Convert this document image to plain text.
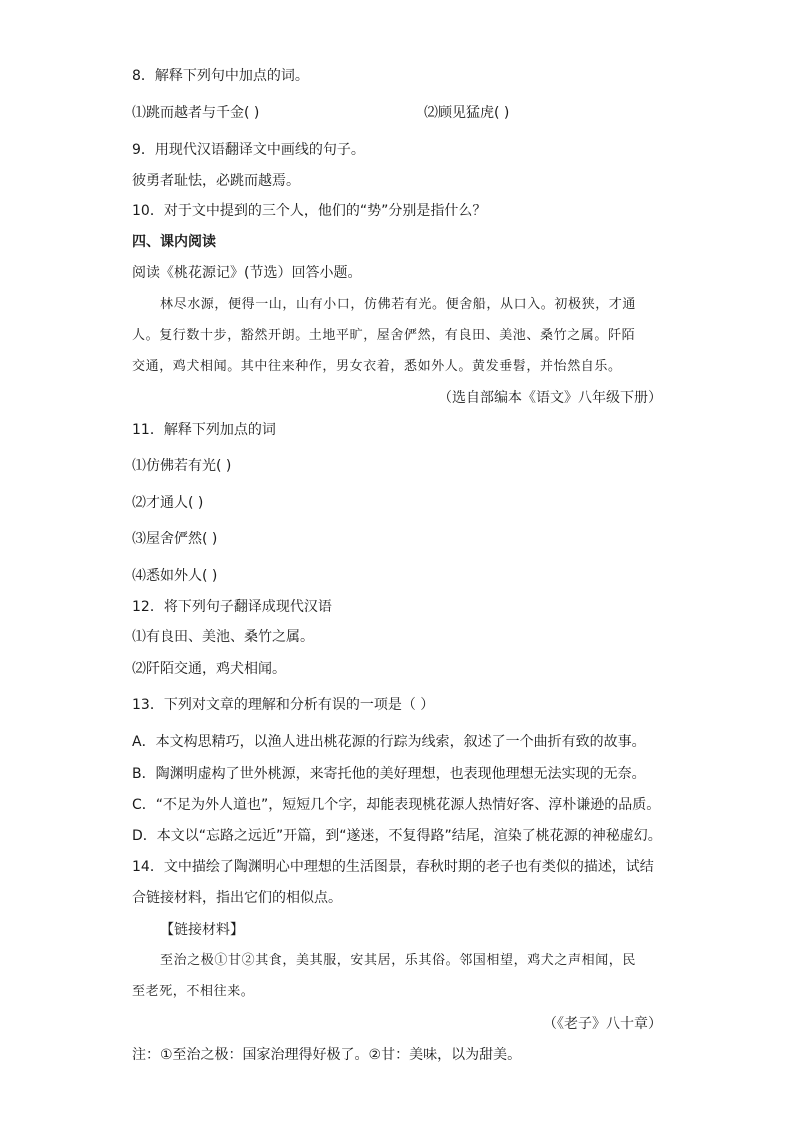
8．解释下列句中加点的词。
⑴跳而越者与千金( )	⑵顾见猛虎( )
9．用现代汉语翻译文中画线的句子。
彼勇者耻怯，必跳而越焉。
10．对于文中提到的三个人，他们的“势”分别是指什么？
四、课内阅读
阅读《桃花源记》(节选）回答小题。
林尽水源，便得一山，山有小口，仿佛若有光。便舍船，从口入。初极狭，才通
人。复行数十步，豁然开朗。土地平旷，屋舍俨然，有良田、美池、桑竹之属。阡陌
交通，鸡犬相闻。其中往来种作，男女衣着，悉如外人。黄发垂髫，并怡然自乐。
（选自部编本《语文》八年级下册）
11．解释下列加点的词
⑴仿佛若有光( )
⑵才通人( )
⑶屋舍俨然( )
⑷悉如外人( )
12．将下列句子翻译成现代汉语
⑴有良田、美池、桑竹之属。
⑵阡陌交通，鸡犬相闻。
13．下列对文章的理解和分析有误的一项是（ ）
A．本文构思精巧，以渔人进出桃花源的行踪为线索，叙述了一个曲折有致的故事。
B．陶渊明虚构了世外桃源，来寄托他的美好理想，也表现他理想无法实现的无奈。
C．“不足为外人道也”，短短几个字，却能表现桃花源人热情好客、淳朴谦逊的品质。
D．本文以“忘路之远近”开篇，到“遂迷，不复得路”结尾，渲染了桃花源的神秘虚幻。
14．文中描绘了陶渊明心中理想的生活图景，春秋时期的老子也有类似的描述，试结
合链接材料，指出它们的相似点。
【链接材料】
至治之极①甘②其食，美其服，安其居，乐其俗。邻国相望，鸡犬之声相闻，民
至老死，不相往来。
（《老子》八十章）
注：①至治之极：国家治理得好极了。②甘：美味，以为甜美。
